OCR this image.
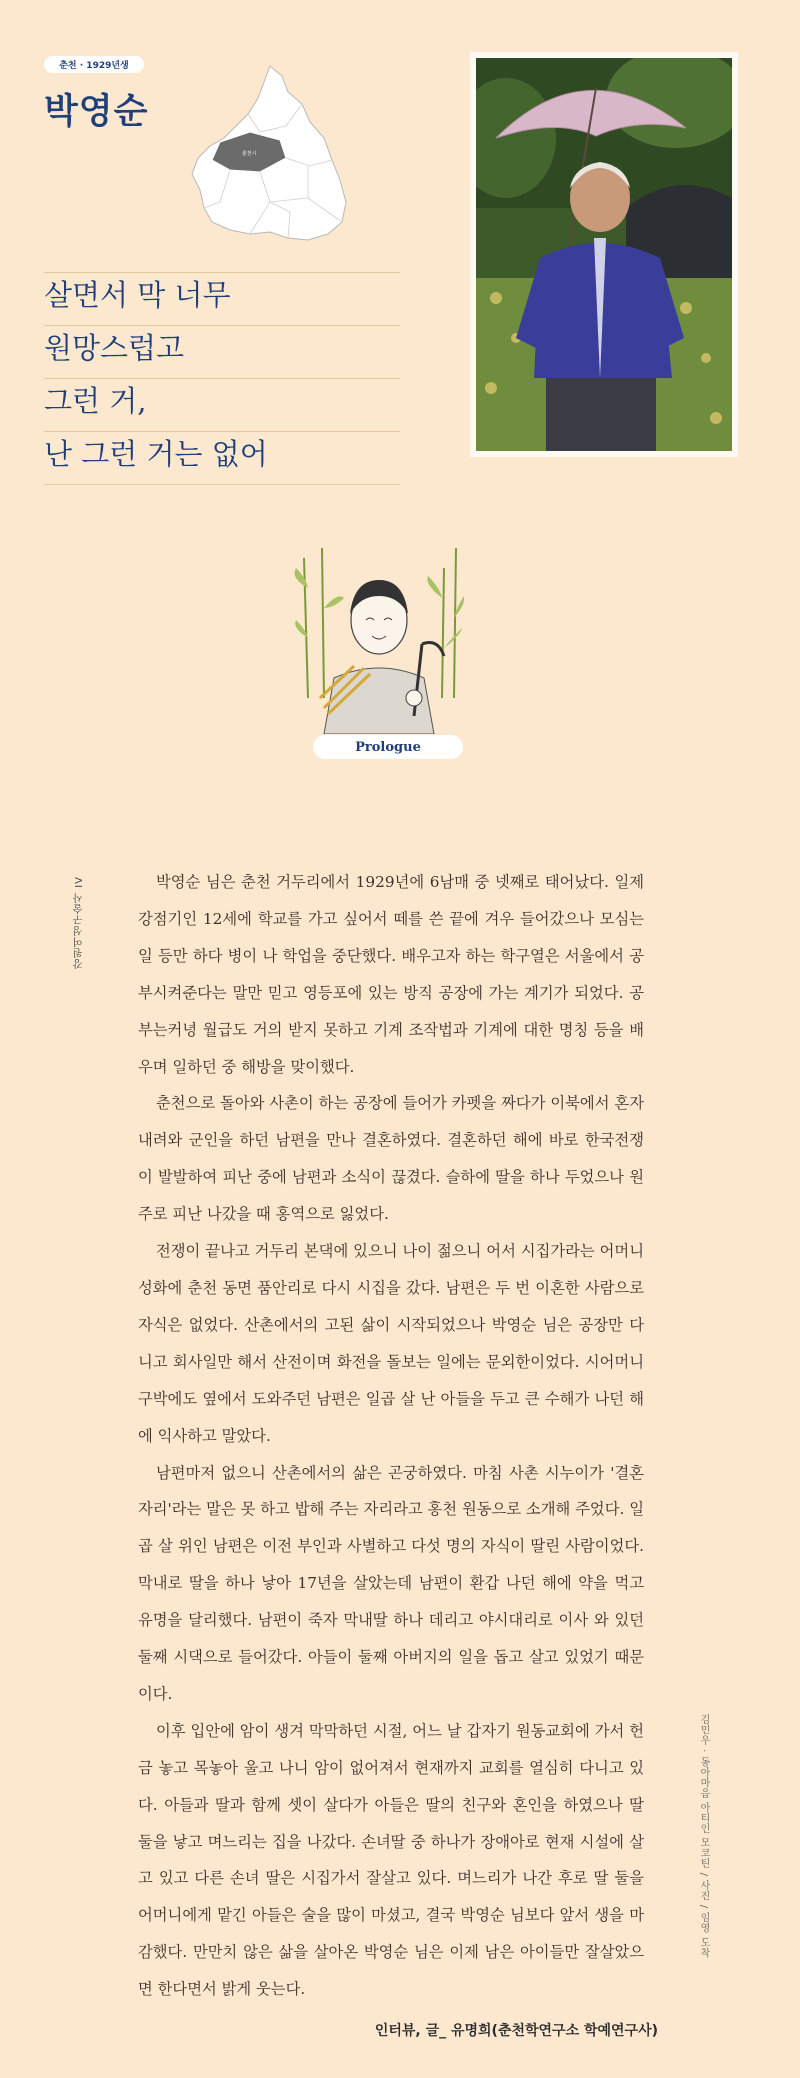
춘천 · 1929년생
박영순
춘천시
살면서 막 너무
원망스럽고
그런 거,
난 그런 거는 없어
Prologue
강원여성구술사 IV
김민우 · 동아마음 아티인 모코틴 / 사진 / 임영 도착

박영순 님은 춘천 거두리에서 1929년에 6남매 중 넷째로 태어났다. 일제 강점기인 12세에 학교를 가고 싶어서 떼를 쓴 끝에 겨우 들어갔으나 모심는 일 등만 하다 병이 나 학업을 중단했다. 배우고자 하는 학구열은 서울에서 공부시켜준다는 말만 믿고 영등포에 있는 방직 공장에 가는 계기가 되었다. 공부는커녕 월급도 거의 받지 못하고 기계 조작법과 기계에 대한 명칭 등을 배우며 일하던 중 해방을 맞이했다.

춘천으로 돌아와 사촌이 하는 공장에 들어가 카펫을 짜다가 이북에서 혼자 내려와 군인을 하던 남편을 만나 결혼하였다. 결혼하던 해에 바로 한국전쟁이 발발하여 피난 중에 남편과 소식이 끊겼다. 슬하에 딸을 하나 두었으나 원주로 피난 나갔을 때 홍역으로 잃었다.

전쟁이 끝나고 거두리 본댁에 있으니 나이 젊으니 어서 시집가라는 어머니 성화에 춘천 동면 품안리로 다시 시집을 갔다. 남편은 두 번 이혼한 사람으로 자식은 없었다. 산촌에서의 고된 삶이 시작되었으나 박영순 님은 공장만 다니고 회사일만 해서 산전이며 화전을 돌보는 일에는 문외한이었다. 시어머니 구박에도 옆에서 도와주던 남편은 일곱 살 난 아들을 두고 큰 수해가 나던 해에 익사하고 말았다.

남편마저 없으니 산촌에서의 삶은 곤궁하였다. 마침 사촌 시누이가 '결혼 자리'라는 말은 못 하고 밥해 주는 자리라고 홍천 원동으로 소개해 주었다. 일곱 살 위인 남편은 이전 부인과 사별하고 다섯 명의 자식이 딸린 사람이었다. 막내로 딸을 하나 낳아 17년을 살았는데 남편이 환갑 나던 해에 약을 먹고 유명을 달리했다. 남편이 죽자 막내딸 하나 데리고 야시대리로 이사 와 있던 둘째 시댁으로 들어갔다. 아들이 둘째 아버지의 일을 돕고 살고 있었기 때문이다.

이후 입안에 암이 생겨 막막하던 시절, 어느 날 갑자기 원동교회에 가서 헌금 놓고 목놓아 울고 나니 암이 없어져서 현재까지 교회를 열심히 다니고 있다. 아들과 딸과 함께 셋이 살다가 아들은 딸의 친구와 혼인을 하였으나 딸 둘을 낳고 며느리는 집을 나갔다. 손녀딸 중 하나가 장애아로 현재 시설에 살고 있고 다른 손녀 딸은 시집가서 잘살고 있다. 며느리가 나간 후로 딸 둘을 어머니에게 맡긴 아들은 술을 많이 마셨고, 결국 박영순 님보다 앞서 생을 마감했다. 만만치 않은 삶을 살아온 박영순 님은 이제 남은 아이들만 잘살았으면 한다면서 밝게 웃는다.

인터뷰, 글_ 유명희(춘천학연구소 학예연구사)
